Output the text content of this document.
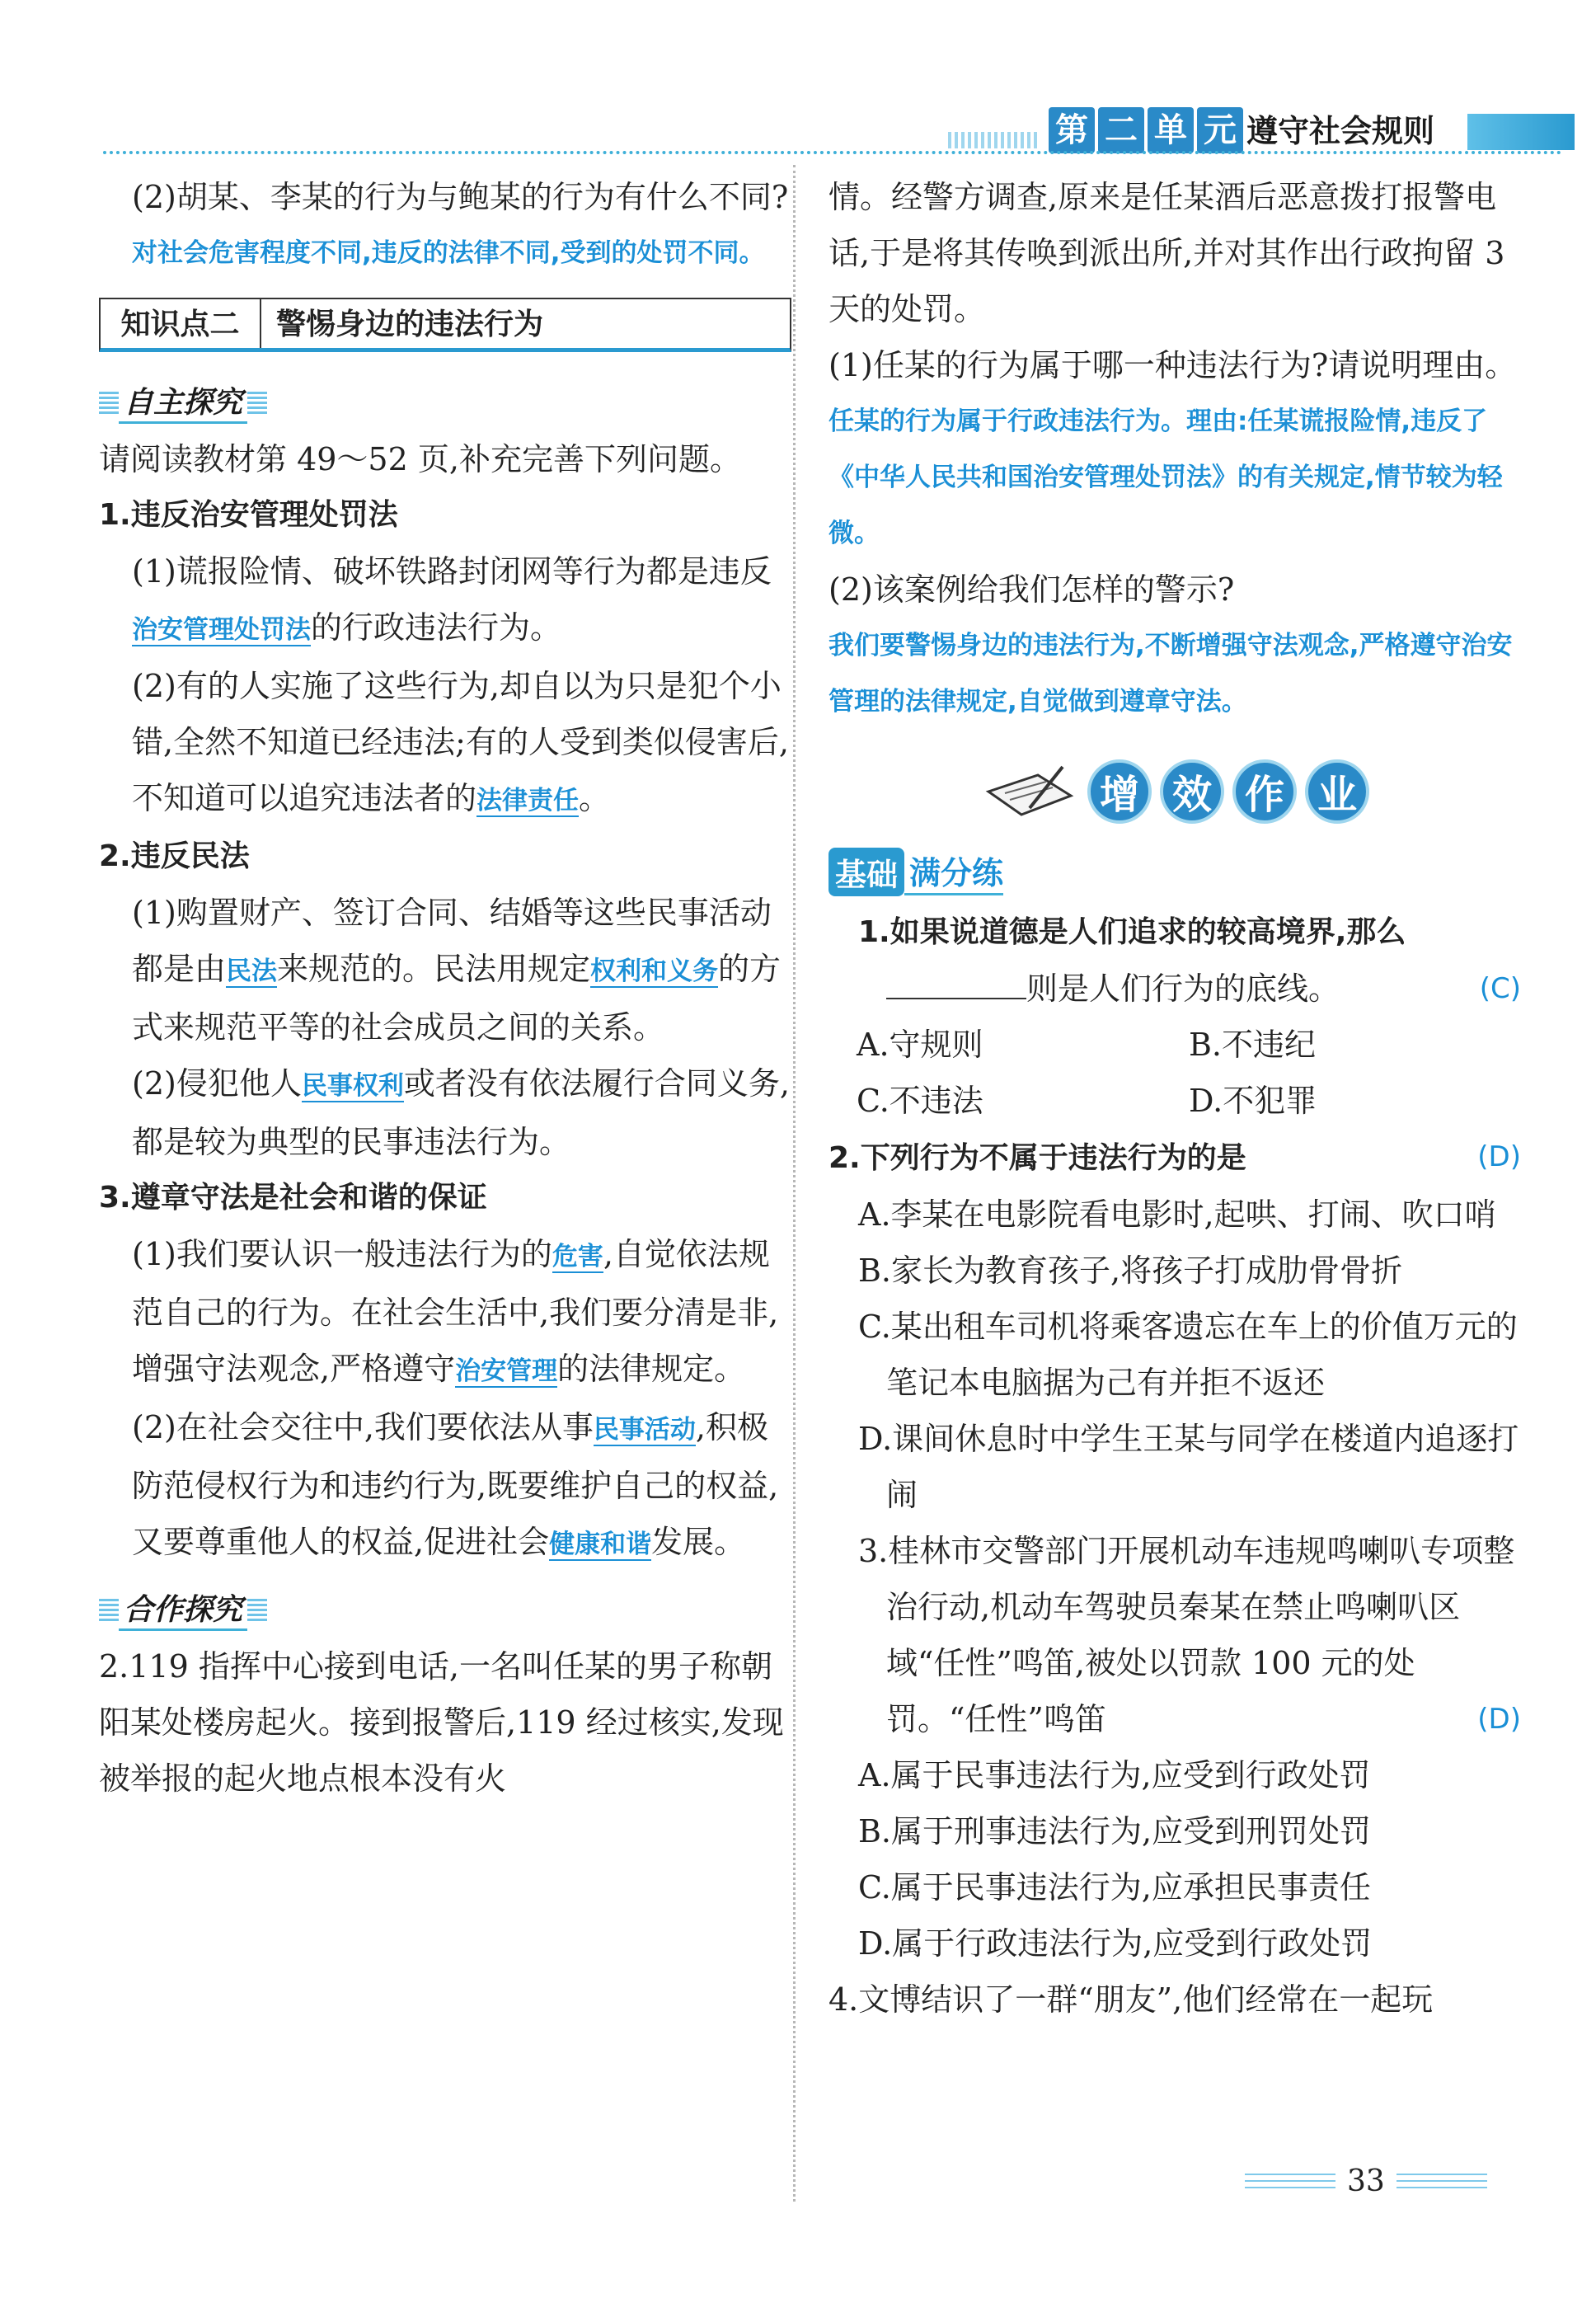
第 二 单 元 遵守社会规则
(2)胡某、李某的行为与鲍某的行为有什么不同?
对社会危害程度不同,违反的法律不同,受到的处罚不同。
知识点二	警惕身边的违法行为
自主探究
请阅读教材第 49～52 页,补充完善下列问题。
1.违反治安管理处罚法
(1)谎报险情、破坏铁路封闭网等行为都是违反治安管理处罚法的行政违法行为。
(2)有的人实施了这些行为,却自以为只是犯个小错,全然不知道已经违法;有的人受到类似侵害后,不知道可以追究违法者的法律责任。
2.违反民法
(1)购置财产、签订合同、结婚等这些民事活动都是由民法来规范的。民法用规定权利和义务的方式来规范平等的社会成员之间的关系。
(2)侵犯他人民事权利或者没有依法履行合同义务,都是较为典型的民事违法行为。
3.遵章守法是社会和谐的保证
(1)我们要认识一般违法行为的危害,自觉依法规范自己的行为。在社会生活中,我们要分清是非,增强守法观念,严格遵守治安管理的法律规定。
(2)在社会交往中,我们要依法从事民事活动,积极防范侵权行为和违约行为,既要维护自己的权益,又要尊重他人的权益,促进社会健康和谐发展。
合作探究
2.119 指挥中心接到电话,一名叫任某的男子称朝阳某处楼房起火。接到报警后,119 经过核实,发现被举报的起火地点根本没有火
情。经警方调查,原来是任某酒后恶意拨打报警电话,于是将其传唤到派出所,并对其作出行政拘留 3 天的处罚。
(1)任某的行为属于哪一种违法行为?请说明理由。
任某的行为属于行政违法行为。理由:任某谎报险情,违反了《中华人民共和国治安管理处罚法》的有关规定,情节较为轻微。
(2)该案例给我们怎样的警示?
我们要警惕身边的违法行为,不断增强守法观念,严格遵守治安管理的法律规定,自觉做到遵章守法。
增 效 作 业
基础 满分练
1.如果说道德是人们追求的较高境界,那么则是人们行为的底线。	(C)
A.守规则	B.不违纪
C.不违法	D.不犯罪
2.下列行为不属于违法行为的是	(D)
A.李某在电影院看电影时,起哄、打闹、吹口哨
B.家长为教育孩子,将孩子打成肋骨骨折
C.某出租车司机将乘客遗忘在车上的价值万元的笔记本电脑据为己有并拒不返还
D.课间休息时中学生王某与同学在楼道内追逐打闹
3.桂林市交警部门开展机动车违规鸣喇叭专项整治行动,机动车驾驶员秦某在禁止鸣喇叭区域“任性”鸣笛,被处以罚款 100 元的处罚。“任性”鸣笛	(D)
A.属于民事违法行为,应受到行政处罚
B.属于刑事违法行为,应受到刑罚处罚
C.属于民事违法行为,应承担民事责任
D.属于行政违法行为,应受到行政处罚
4.文博结识了一群“朋友”,他们经常在一起玩
33
